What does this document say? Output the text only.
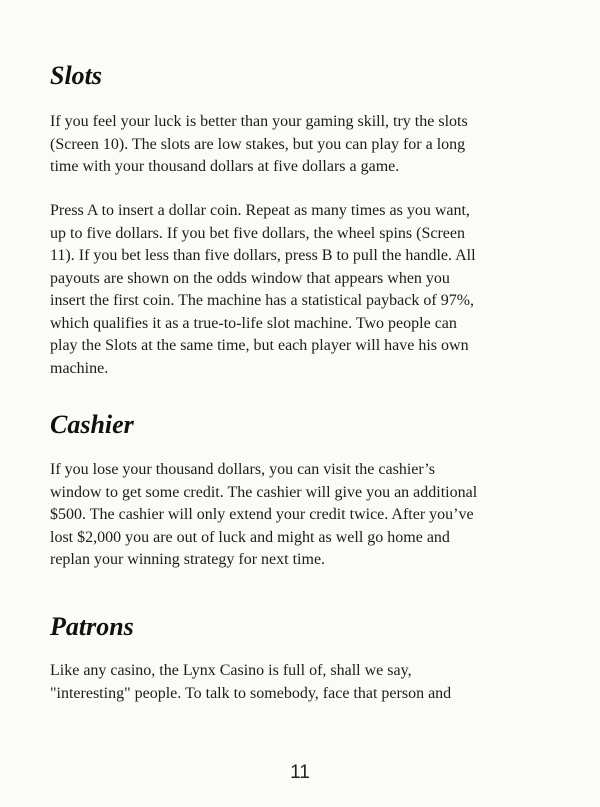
Slots

If you feel your luck is better than your gaming skill, try the slots
(Screen 10). The slots are low stakes, but you can play for a long
time with your thousand dollars at five dollars a game.

Press A to insert a dollar coin. Repeat as many times as you want,
up to five dollars. If you bet five dollars, the wheel spins (Screen
11). If you bet less than five dollars, press B to pull the handle. All
payouts are shown on the odds window that appears when you
insert the first coin. The machine has a statistical payback of 97%,
which qualifies it as a true-to-life slot machine. Two people can
play the Slots at the same time, but each player will have his own
machine.

Cashier

If you lose your thousand dollars, you can visit the cashier’s
window to get some credit. The cashier will give you an additional
$500. The cashier will only extend your credit twice. After you’ve
lost $2,000 you are out of luck and might as well go home and
replan your winning strategy for next time.

Patrons

Like any casino, the Lynx Casino is full of, shall we say,
"interesting" people. To talk to somebody, face that person and

11
